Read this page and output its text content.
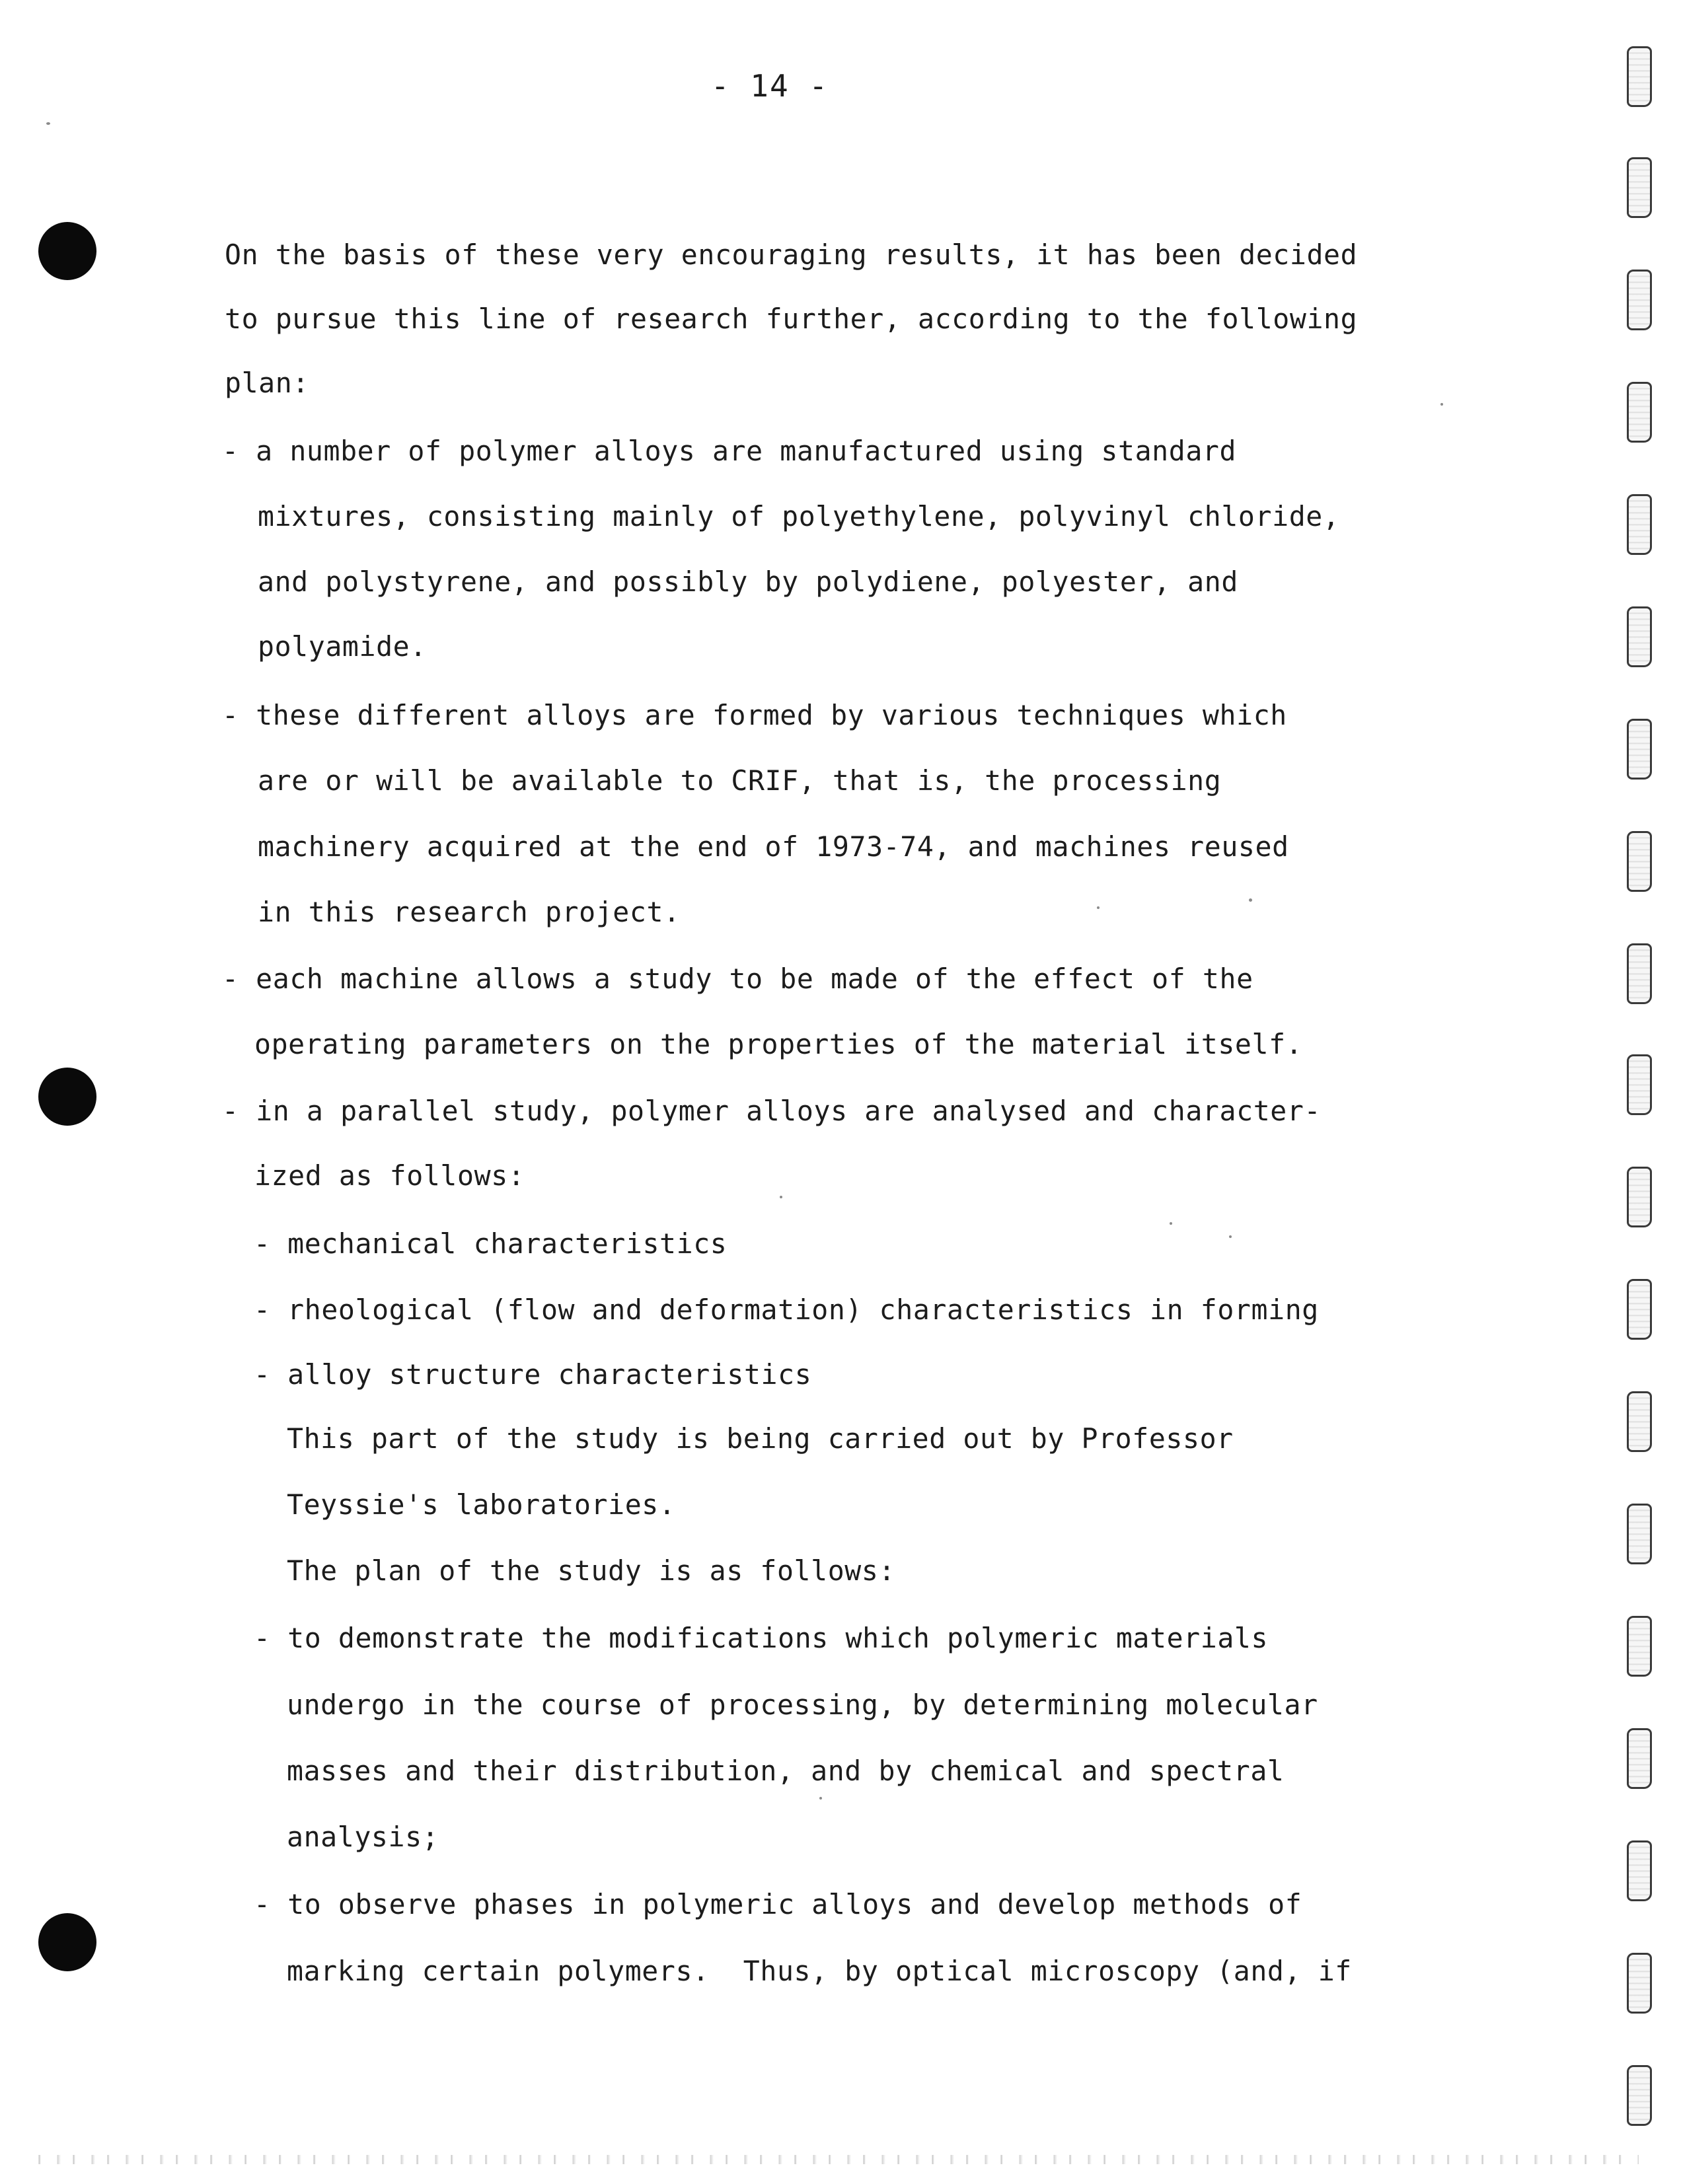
- 14 -
On the basis of these very encouraging results, it has been decided
to pursue this line of research further, according to the following
plan:
- a number of polymer alloys are manufactured using standard
mixtures, consisting mainly of polyethylene, polyvinyl chloride,
and polystyrene, and possibly by polydiene, polyester, and
polyamide.
- these different alloys are formed by various techniques which
are or will be available to CRIF, that is, the processing
machinery acquired at the end of 1973-74, and machines reused
in this research project.
- each machine allows a study to be made of the effect of the
operating parameters on the properties of the material itself.
- in a parallel study, polymer alloys are analysed and character-
ized as follows:
- mechanical characteristics
- rheological (flow and deformation) characteristics in forming
- alloy structure characteristics
This part of the study is being carried out by Professor
Teyssie's laboratories.
The plan of the study is as follows:
- to demonstrate the modifications which polymeric materials
undergo in the course of processing, by determining molecular
masses and their distribution, and by chemical and spectral
analysis;
- to observe phases in polymeric alloys and develop methods of
marking certain polymers.  Thus, by optical microscopy (and, if
